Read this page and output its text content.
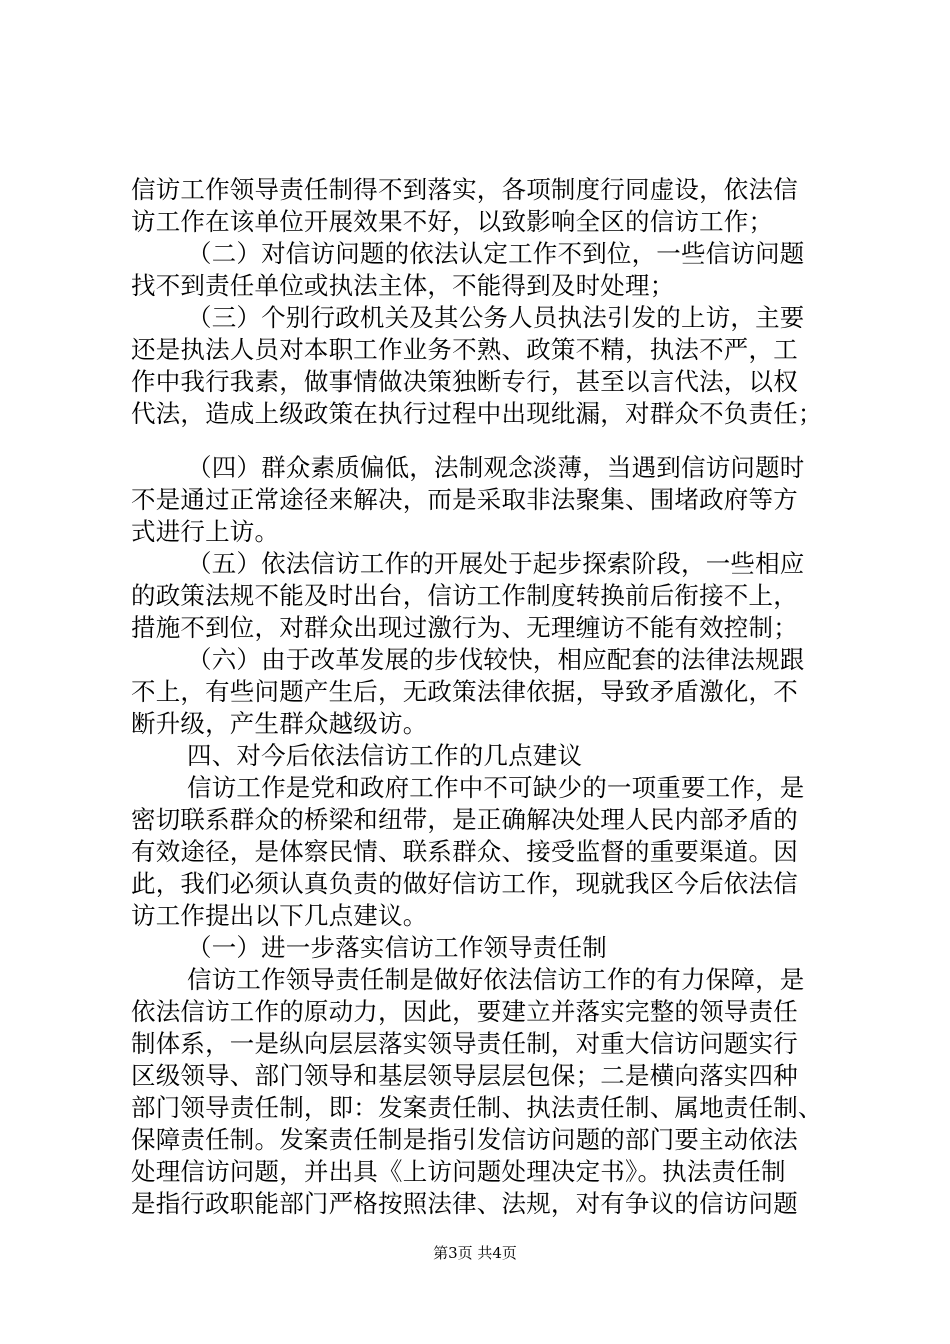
信访工作领导责任制得不到落实，各项制度行同虚设，依法信
访工作在该单位开展效果不好，以致影响全区的信访工作；
（二）对信访问题的依法认定工作不到位，一些信访问题
找不到责任单位或执法主体，不能得到及时处理；
（三）个别行政机关及其公务人员执法引发的上访，主要
还是执法人员对本职工作业务不熟、政策不精，执法不严，工
作中我行我素，做事情做决策独断专行，甚至以言代法，以权
代法，造成上级政策在执行过程中出现纰漏，对群众不负责任；
（四）群众素质偏低，法制观念淡薄，当遇到信访问题时
不是通过正常途径来解决，而是采取非法聚集、围堵政府等方
式进行上访。
（五）依法信访工作的开展处于起步探索阶段，一些相应
的政策法规不能及时出台，信访工作制度转换前后衔接不上，
措施不到位，对群众出现过激行为、无理缠访不能有效控制；
（六）由于改革发展的步伐较快，相应配套的法律法规跟
不上，有些问题产生后，无政策法律依据，导致矛盾激化，不
断升级，产生群众越级访。
四、对今后依法信访工作的几点建议
信访工作是党和政府工作中不可缺少的一项重要工作，是
密切联系群众的桥梁和纽带，是正确解决处理人民内部矛盾的
有效途径，是体察民情、联系群众、接受监督的重要渠道。因
此，我们必须认真负责的做好信访工作，现就我区今后依法信
访工作提出以下几点建议。
（一）进一步落实信访工作领导责任制
信访工作领导责任制是做好依法信访工作的有力保障，是
依法信访工作的原动力，因此，要建立并落实完整的领导责任
制体系，一是纵向层层落实领导责任制，对重大信访问题实行
区级领导、部门领导和基层领导层层包保；二是横向落实四种
部门领导责任制，即：发案责任制、执法责任制、属地责任制、
保障责任制。发案责任制是指引发信访问题的部门要主动依法
处理信访问题，并出具《上访问题处理决定书》。执法责任制
是指行政职能部门严格按照法律、法规，对有争议的信访问题
第3页 共4页
